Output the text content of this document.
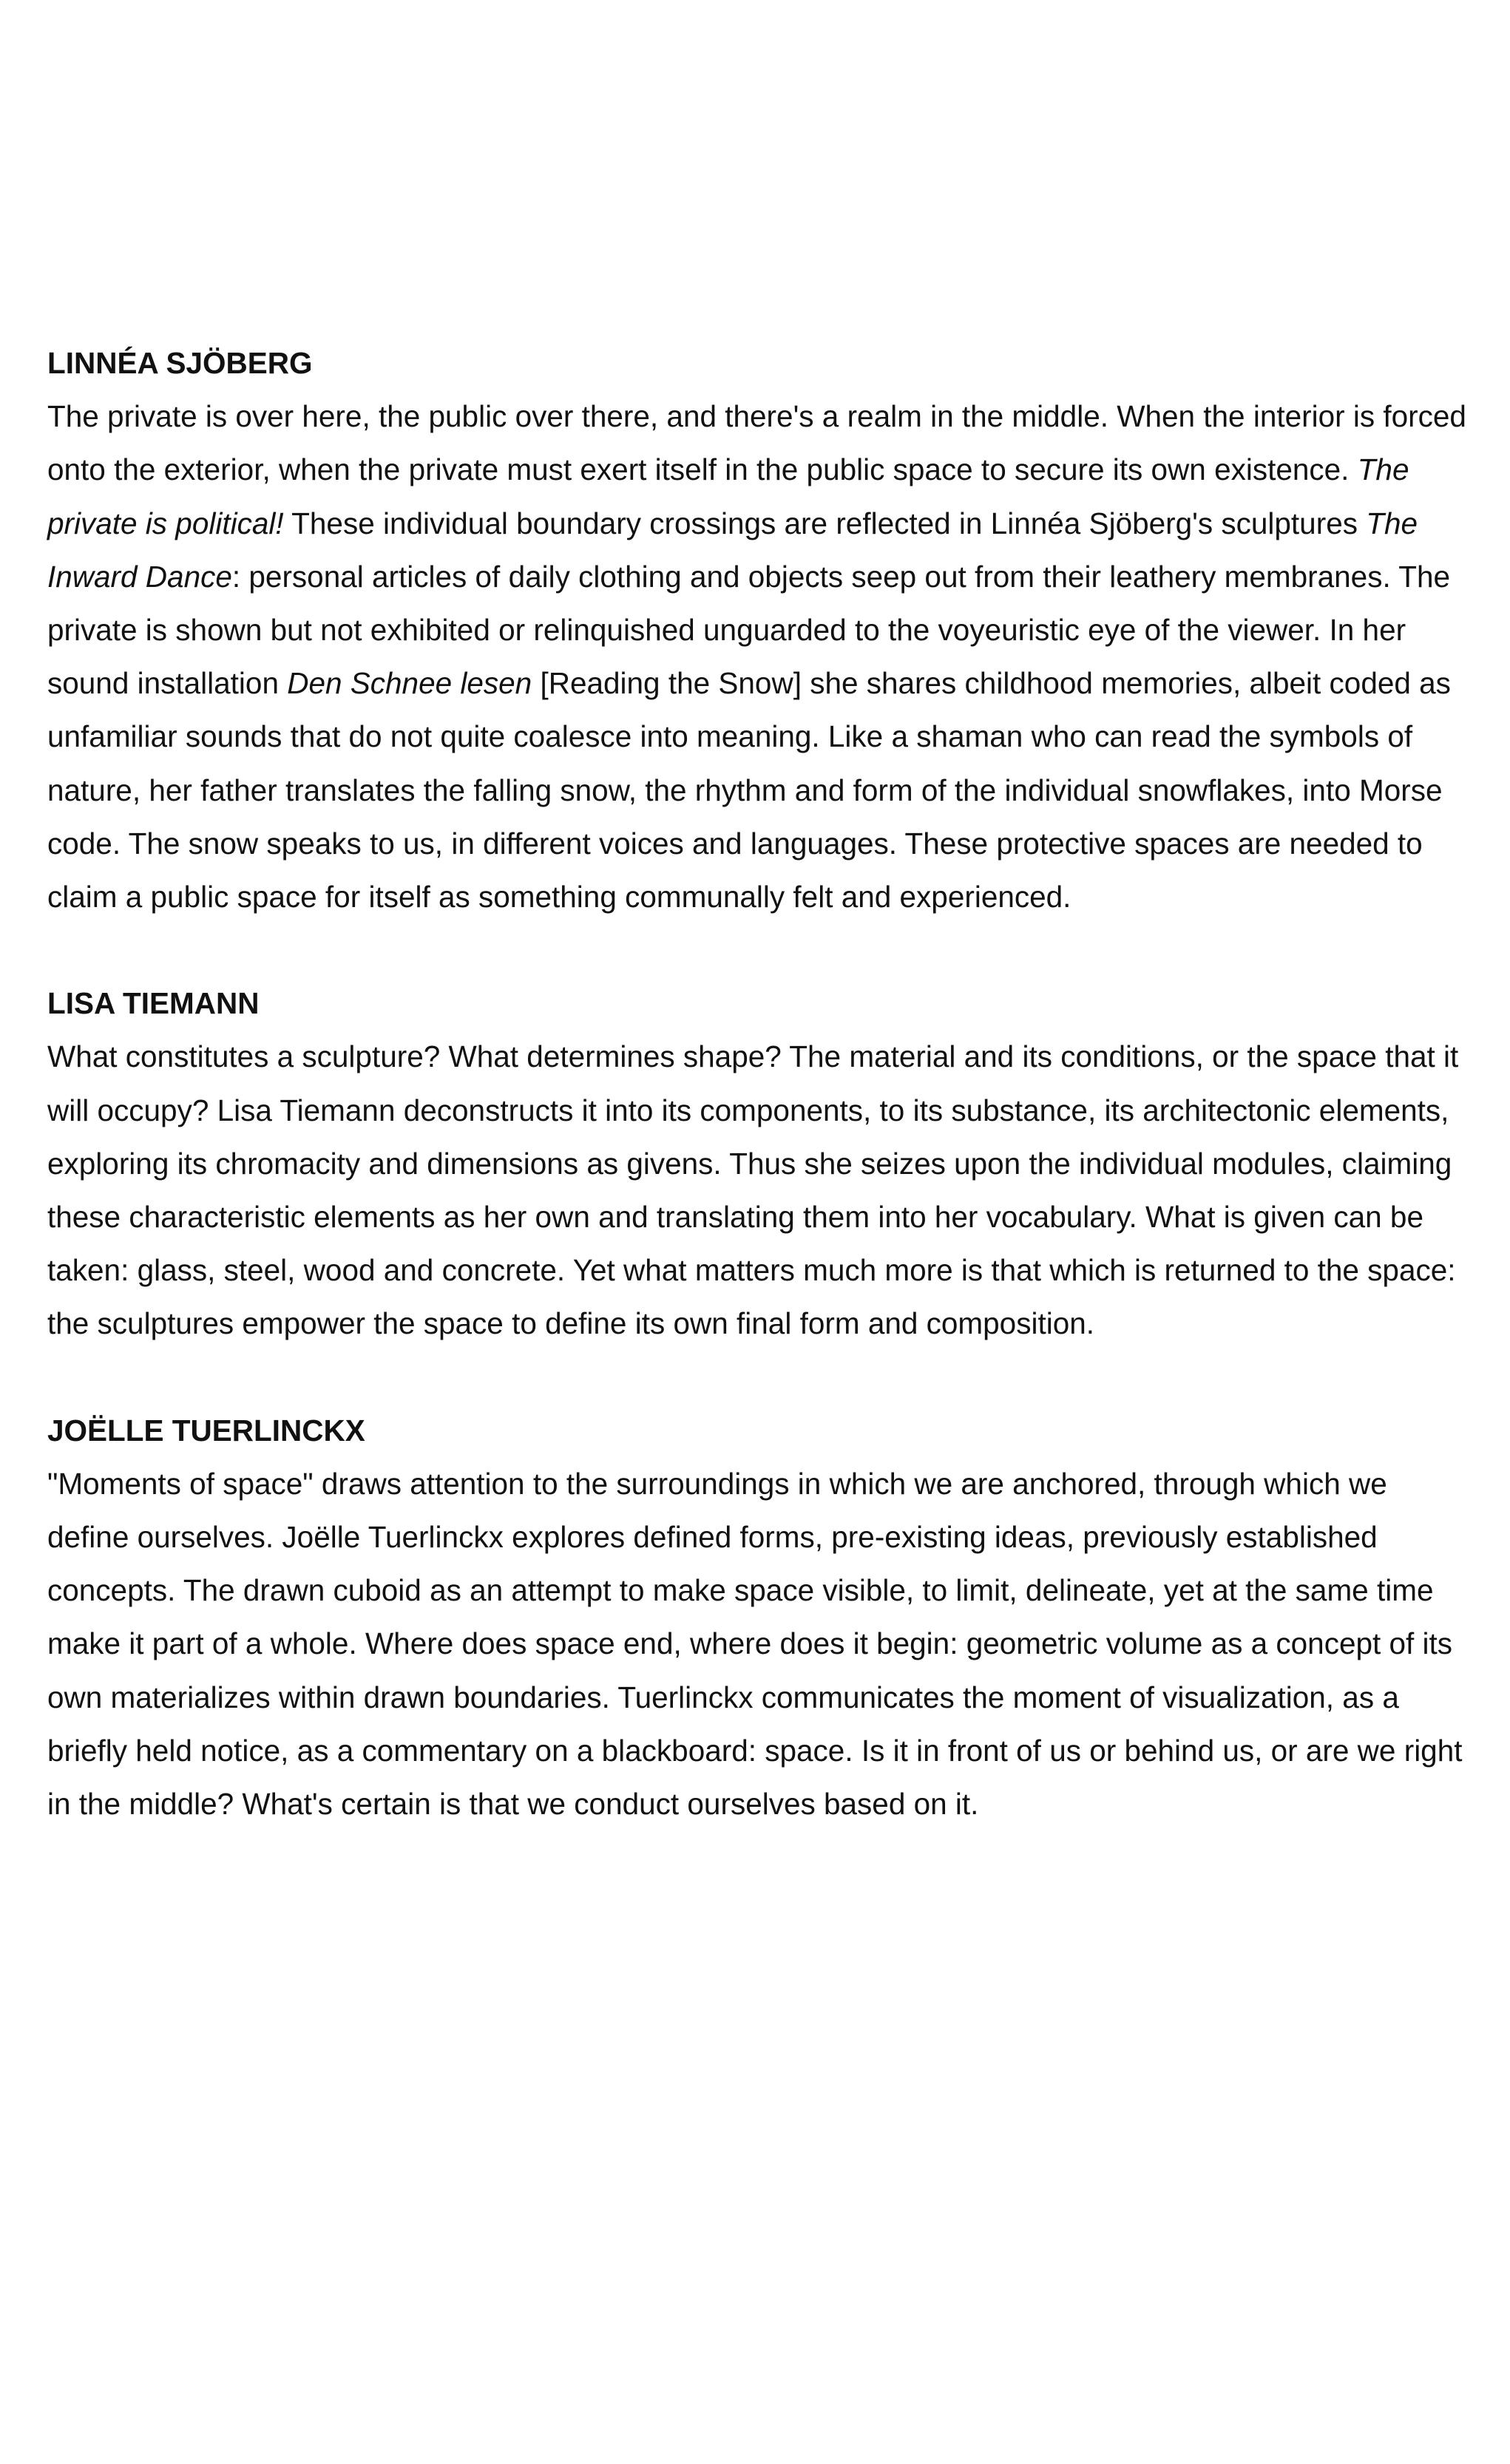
LINNÉA SJÖBERG
The private is over here, the public over there, and there's a realm in the middle. When the interior is forced onto the exterior, when the private must exert itself in the public space to secure its own existence. The private is political! These individual boundary crossings are reflected in Linnéa Sjöberg's sculptures The Inward Dance: personal articles of daily clothing and objects seep out from their leathery membranes. The private is shown but not exhibited or relinquished unguarded to the voyeuristic eye of the viewer. In her sound installation Den Schnee lesen [Reading the Snow] she shares childhood memories, albeit coded as unfamiliar sounds that do not quite coalesce into meaning. Like a shaman who can read the symbols of nature, her father translates the falling snow, the rhythm and form of the individual snowflakes, into Morse code. The snow speaks to us, in different voices and languages. These protective spaces are needed to claim a public space for itself as something communally felt and experienced.
LISA TIEMANN
What constitutes a sculpture? What determines shape? The material and its conditions, or the space that it will occupy? Lisa Tiemann deconstructs it into its components, to its substance, its architectonic elements, exploring its chromacity and dimensions as givens. Thus she seizes upon the individual modules, claiming these characteristic elements as her own and translating them into her vocabulary. What is given can be taken: glass, steel, wood and concrete. Yet what matters much more is that which is returned to the space: the sculptures empower the space to define its own final form and composition.
JOËLLE TUERLINCKX
"Moments of space" draws attention to the surroundings in which we are anchored, through which we define ourselves. Joëlle Tuerlinckx explores defined forms, pre-existing ideas, previously established concepts. The drawn cuboid as an attempt to make space visible, to limit, delineate, yet at the same time make it part of a whole. Where does space end, where does it begin: geometric volume as a concept of its own materializes within drawn boundaries. Tuerlinckx communicates the moment of visualization, as a briefly held notice, as a commentary on a blackboard: space. Is it in front of us or behind us, or are we right in the middle? What's certain is that we conduct ourselves based on it.
